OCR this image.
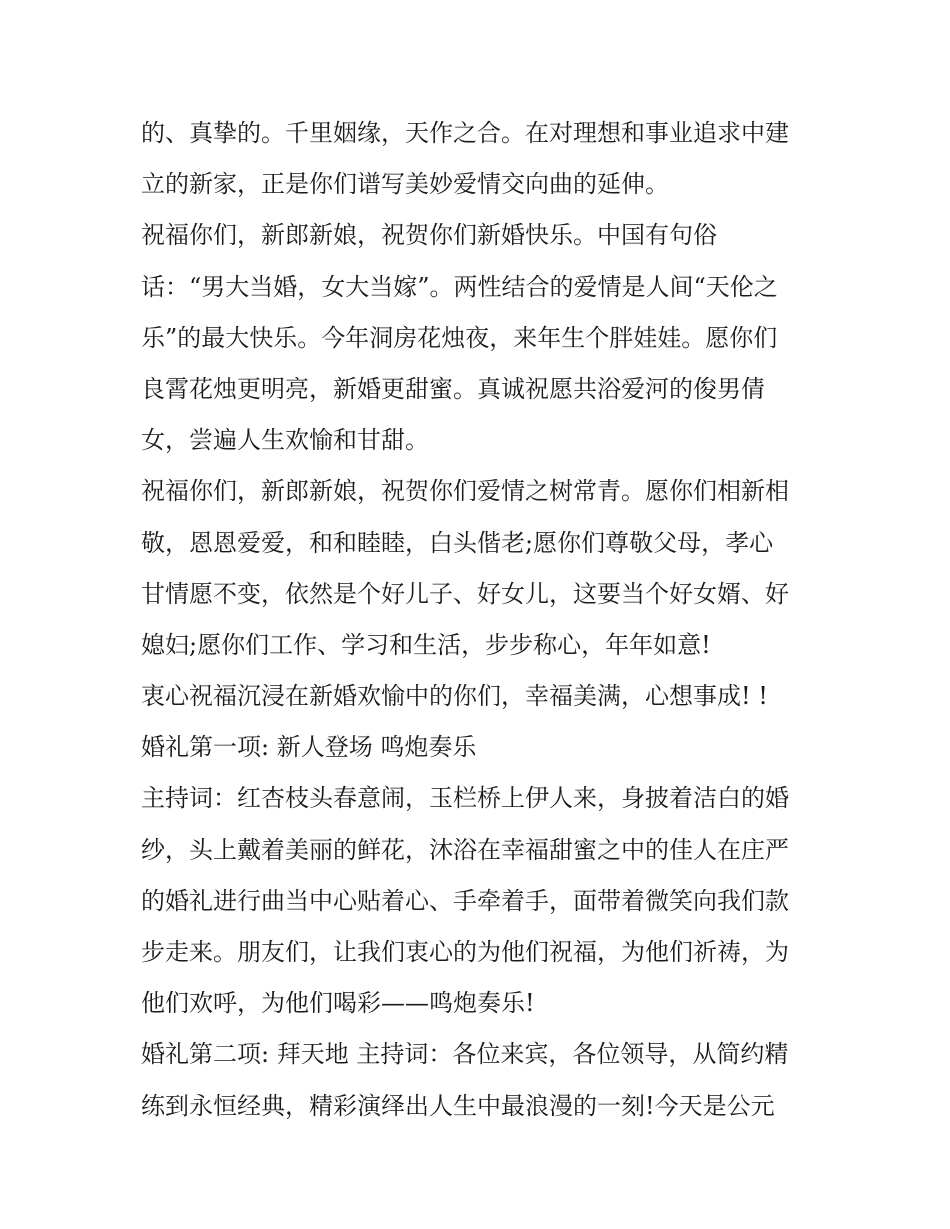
的、真挚的。千里姻缘，天作之合。在对理想和事业追求中建
立的新家，正是你们谱写美妙爱情交向曲的延伸。
祝福你们，新郎新娘，祝贺你们新婚快乐。中国有句俗
话：“男大当婚，女大当嫁”。两性结合的爱情是人间“天伦之
乐”的最大快乐。今年洞房花烛夜，来年生个胖娃娃。愿你们
良霄花烛更明亮，新婚更甜蜜。真诚祝愿共浴爱河的俊男倩
女，尝遍人生欢愉和甘甜。
祝福你们，新郎新娘，祝贺你们爱情之树常青。愿你们相新相
敬，恩恩爱爱，和和睦睦，白头偕老;愿你们尊敬父母，孝心
甘情愿不变，依然是个好儿子、好女儿，这要当个好女婿、好
媳妇;愿你们工作、学习和生活，步步称心，年年如意!
衷心祝福沉浸在新婚欢愉中的你们，幸福美满，心想事成! !
婚礼第一项: 新人登场 鸣炮奏乐
主持词：红杏枝头春意闹，玉栏桥上伊人来，身披着洁白的婚
纱，头上戴着美丽的鲜花，沐浴在幸福甜蜜之中的佳人在庄严
的婚礼进行曲当中心贴着心、手牵着手，面带着微笑向我们款
步走来。朋友们，让我们衷心的为他们祝福，为他们祈祷，为
他们欢呼，为他们喝彩——鸣炮奏乐!
婚礼第二项: 拜天地 主持词：各位来宾，各位领导，从简约精
练到永恒经典，精彩演绎出人生中最浪漫的一刻!今天是公元
